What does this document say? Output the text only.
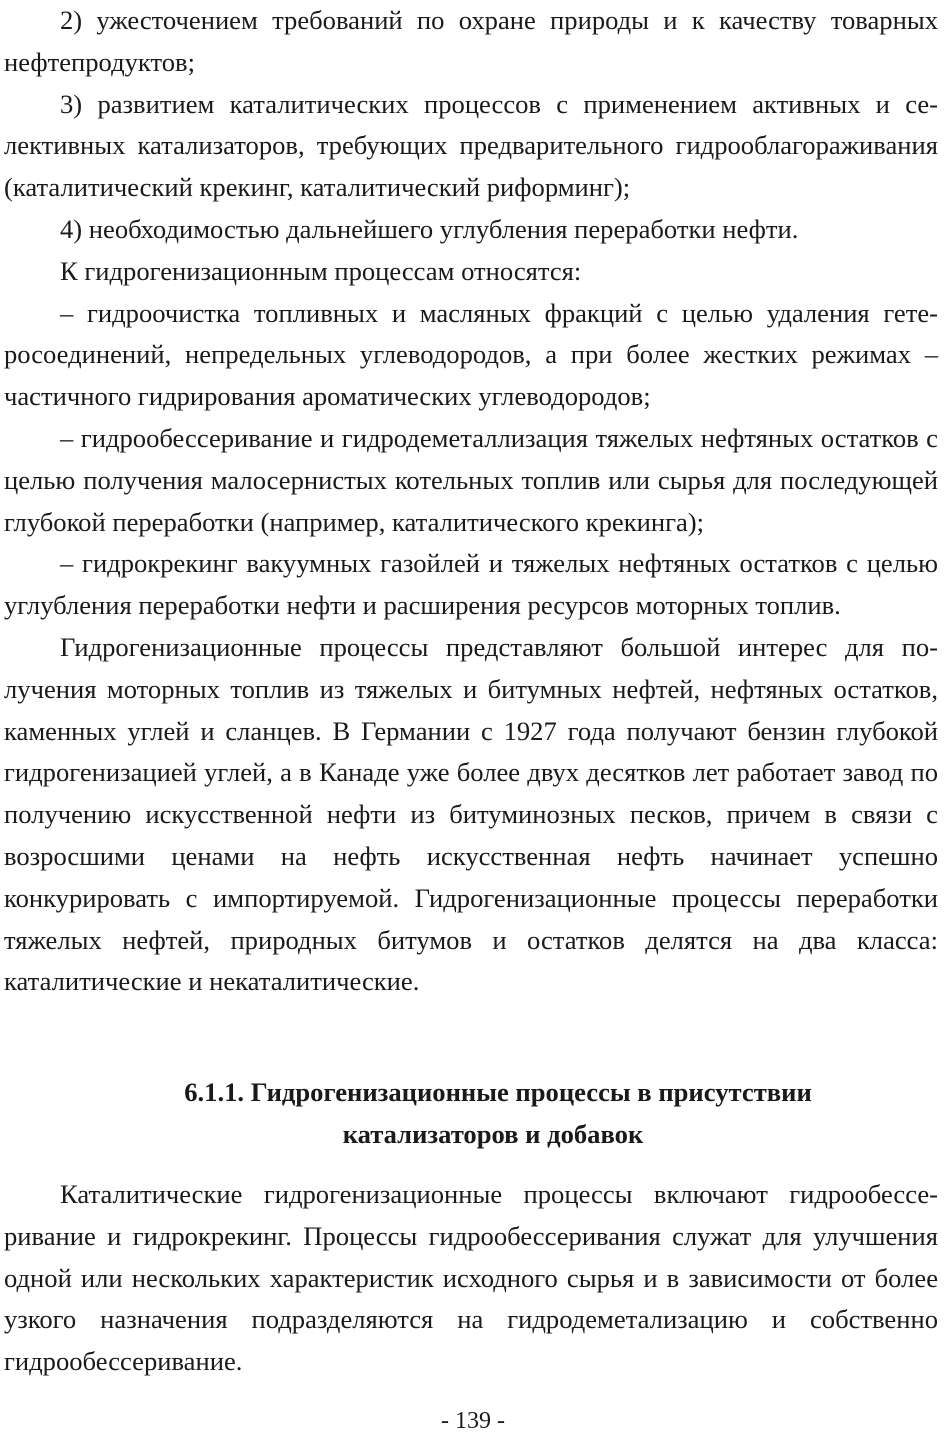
2) ужесточением требований по охране природы и к качеству товарных нефтепродуктов;

3) развитием каталитических процессов с применением активных и селективных катализаторов, требующих предварительного гидрооблагораживания (каталитический крекинг, каталитический риформинг);

4) необходимостью дальнейшего углубления переработки нефти.

К гидрогенизационным процессам относятся:

– гидроочистка топливных и масляных фракций с целью удаления гетеросоединений, непредельных углеводородов, а при более жестких режимах – частичного гидрирования ароматических углеводородов;

– гидрообессеривание и гидродеметаллизация тяжелых нефтяных остатков с целью получения малосернистых котельных топлив или сырья для последующей глубокой переработки (например, каталитического крекинга);

– гидрокрекинг вакуумных газойлей и тяжелых нефтяных остатков с целью углубления переработки нефти и расширения ресурсов моторных топлив.

Гидрогенизационные процессы представляют большой интерес для получения моторных топлив из тяжелых и битумных нефтей, нефтяных остатков, каменных углей и сланцев. В Германии с 1927 года получают бензин глубокой гидрогенизацией углей, а в Канаде уже более двух десятков лет работает завод по получению искусственной нефти из битуминозных песков, причем в связи с возросшими ценами на нефть искусственная нефть начинает успешно конкурировать с импортируемой. Гидрогенизационные процессы переработки тяжелых нефтей, природных битумов и остатков делятся на два класса: каталитические и некаталитические.

6.1.1. Гидрогенизационные процессы в присутствии
катализаторов и добавок

Каталитические гидрогенизационные процессы включают гидрообессеривание и гидрокрекинг. Процессы гидрообессеривания служат для улучшения одной или нескольких характеристик исходного сырья и в зависимости от более узкого назначения подразделяются на гидродеметализацию и собственно гидрообессеривание.

- 139 -
